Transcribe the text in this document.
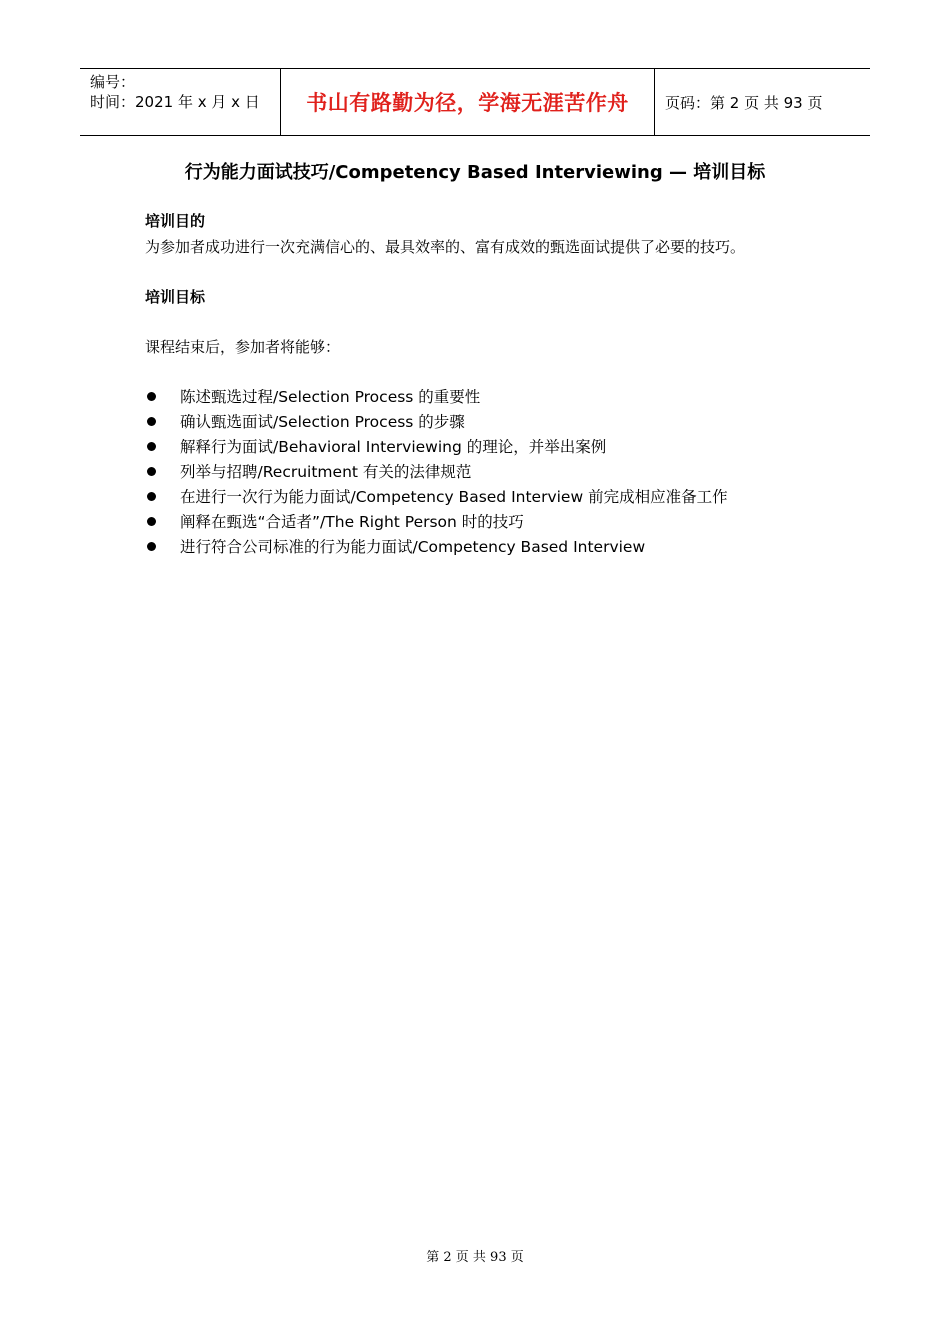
编号：
时间：2021 年 x 月 x 日	书山有路勤为径，学海无涯苦作舟	页码：第 2 页 共 93 页
行为能力面试技巧/Competency Based Interviewing — 培训目标
培训目的
为参加者成功进行一次充满信心的、最具效率的、富有成效的甄选面试提供了必要的技巧。
培训目标
课程结束后，参加者将能够：
陈述甄选过程/Selection Process 的重要性
确认甄选面试/Selection Process 的步骤
解释行为面试/Behavioral Interviewing 的理论，并举出案例
列举与招聘/Recruitment 有关的法律规范
在进行一次行为能力面试/Competency Based Interview 前完成相应准备工作
阐释在甄选“合适者”/The Right Person 时的技巧
进行符合公司标准的行为能力面试/Competency Based Interview
第 2 页 共 93 页
